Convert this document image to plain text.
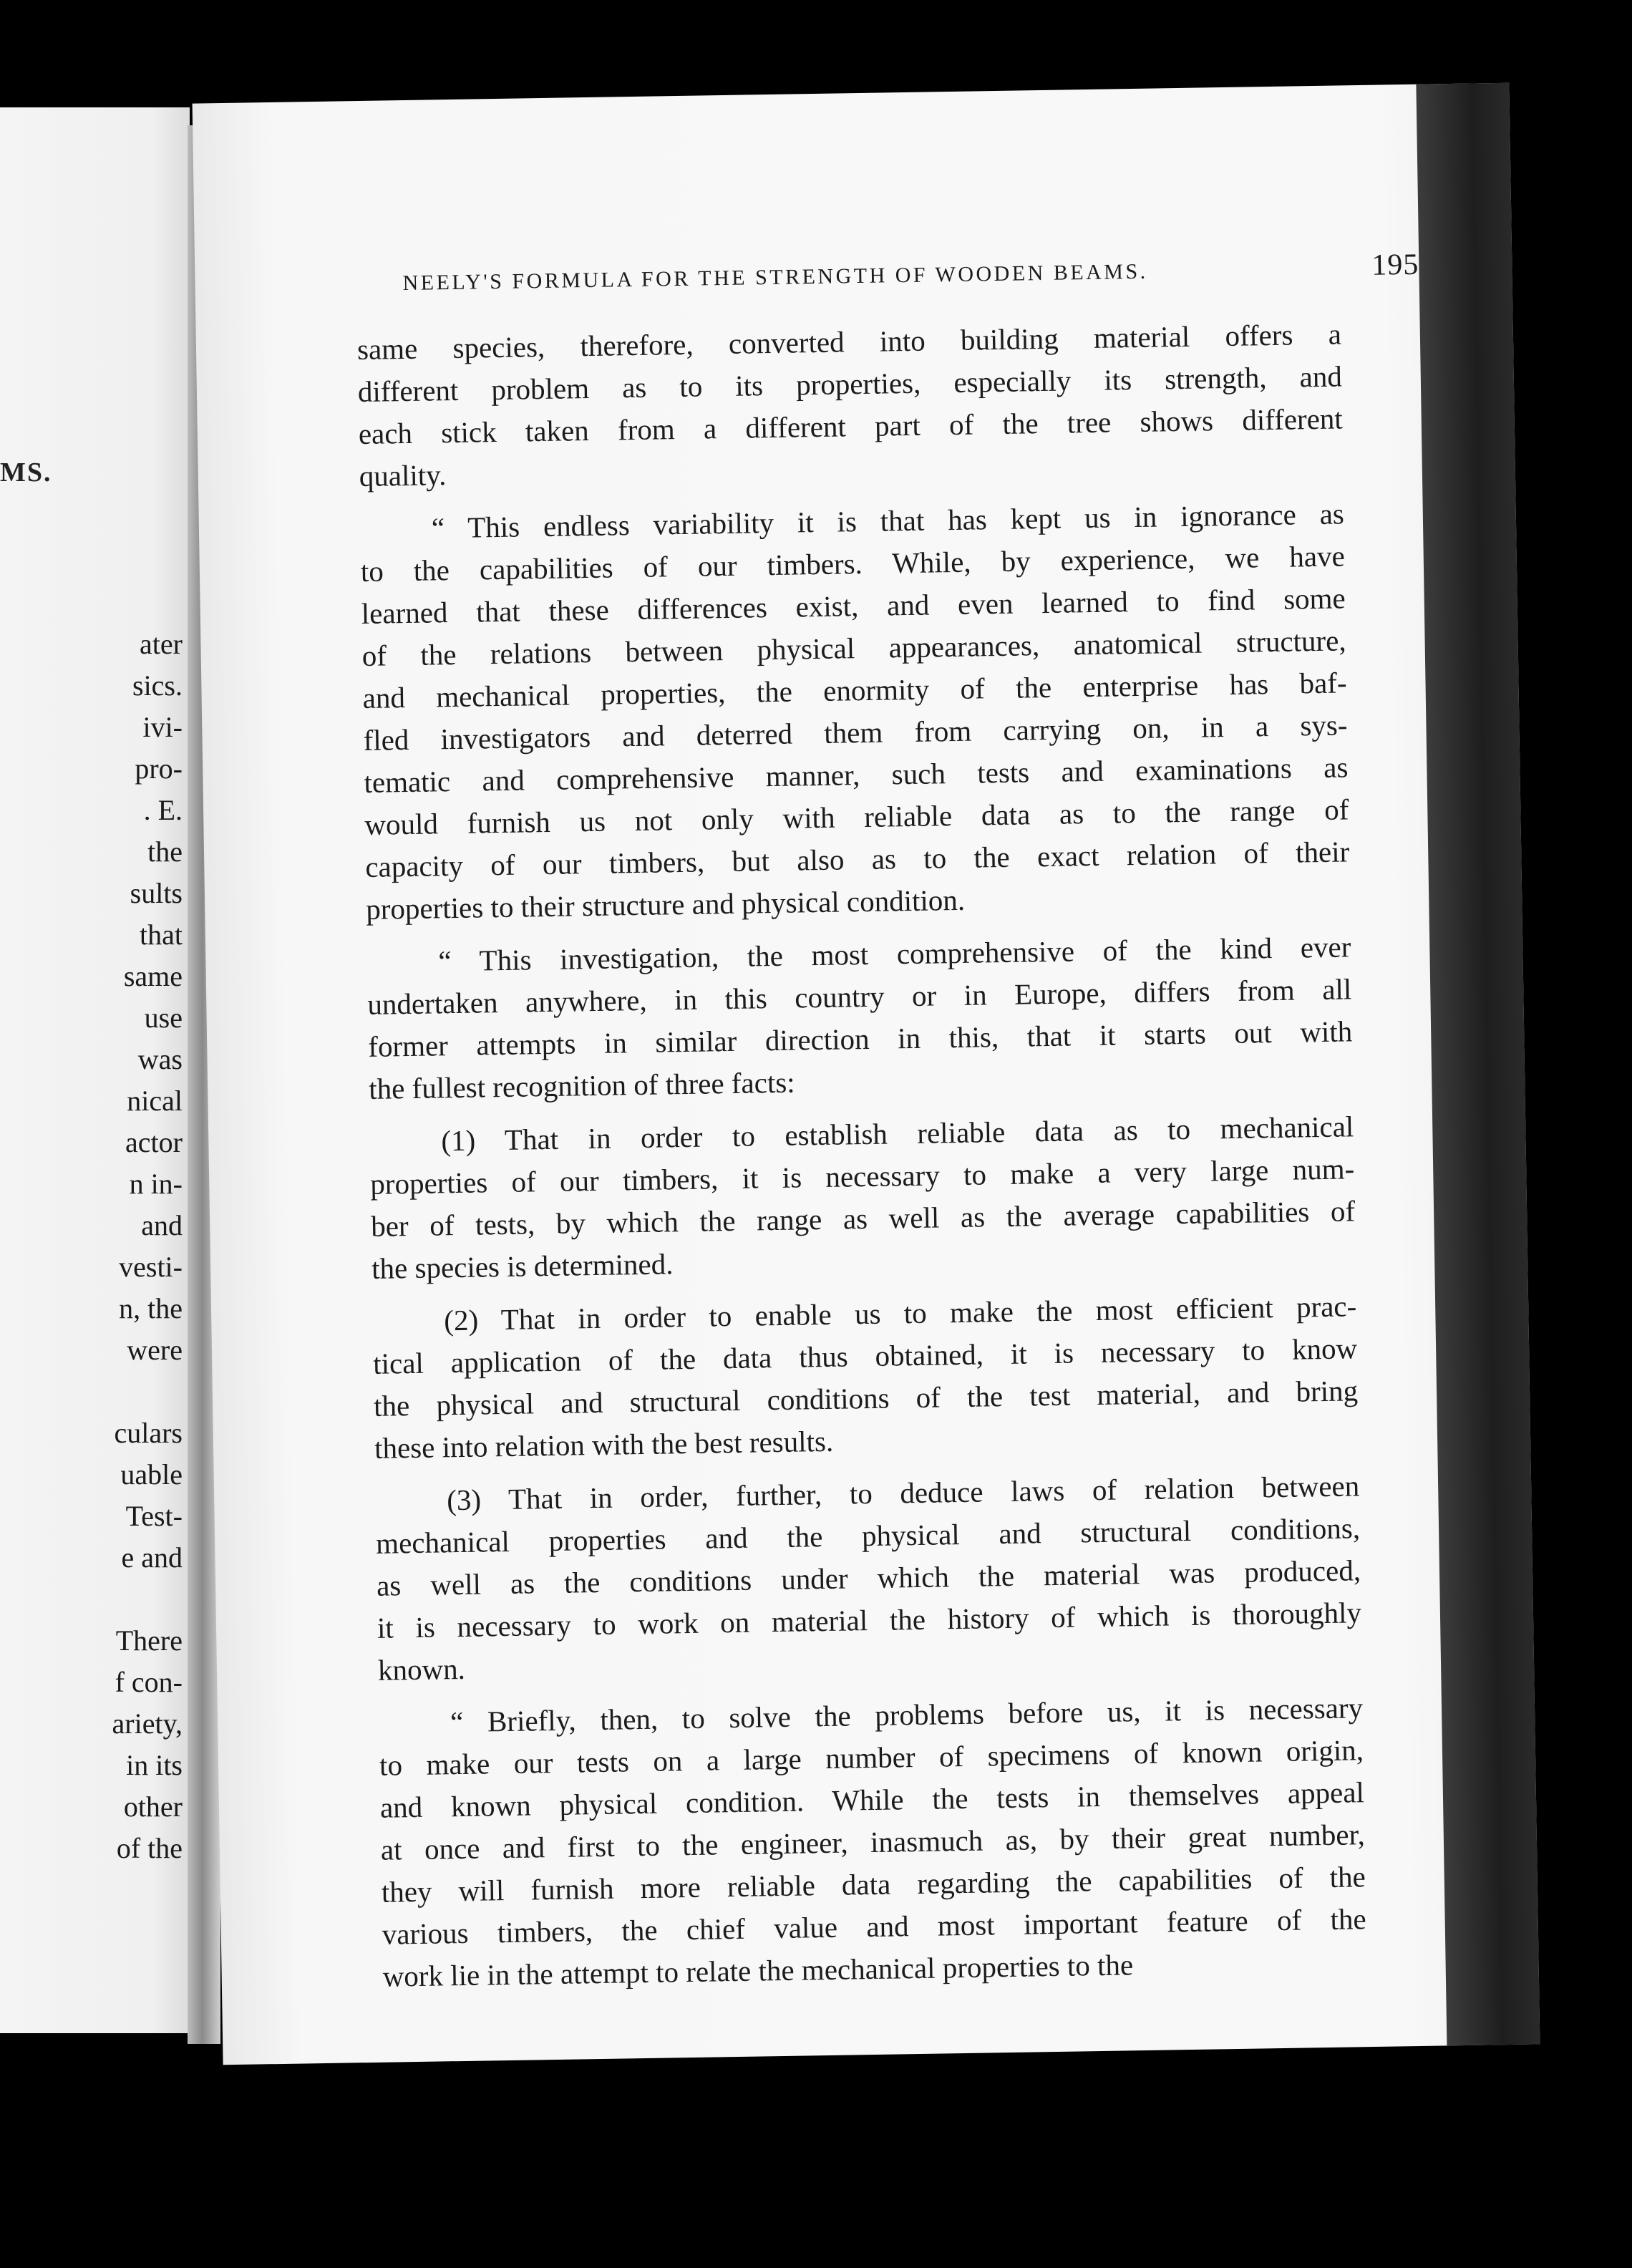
MS.
ater
sics.
ivi-
pro-
. E.
the
sults
that
same
use
was
nical
actor
n in-
and
vesti-
n, the
were
culars
uable
Test-
e and
There
f con-
ariety,
in its
other
of the
NEELY'S FORMULA FOR THE STRENGTH OF WOODEN BEAMS.	195
same species, therefore, converted into building material offers a
different problem as to its properties, especially its strength, and
each stick taken from a different part of the tree shows different
quality.
“ This endless variability it is that has kept us in ignorance as
to the capabilities of our timbers. While, by experience, we have
learned that these differences exist, and even learned to find some
of the relations between physical appearances, anatomical structure,
and mechanical properties, the enormity of the enterprise has baf-
fled investigators and deterred them from carrying on, in a sys-
tematic and comprehensive manner, such tests and examinations as
would furnish us not only with reliable data as to the range of
capacity of our timbers, but also as to the exact relation of their
properties to their structure and physical condition.
“ This investigation, the most comprehensive of the kind ever
undertaken anywhere, in this country or in Europe, differs from all
former attempts in similar direction in this, that it starts out with
the fullest recognition of three facts:
(1) That in order to establish reliable data as to mechanical
properties of our timbers, it is necessary to make a very large num-
ber of tests, by which the range as well as the average capabilities of
the species is determined.
(2) That in order to enable us to make the most efficient prac-
tical application of the data thus obtained, it is necessary to know
the physical and structural conditions of the test material, and bring
these into relation with the best results.
(3) That in order, further, to deduce laws of relation between
mechanical properties and the physical and structural conditions,
as well as the conditions under which the material was produced,
it is necessary to work on material the history of which is thoroughly
known.
“ Briefly, then, to solve the problems before us, it is necessary
to make our tests on a large number of specimens of known origin,
and known physical condition. While the tests in themselves appeal
at once and first to the engineer, inasmuch as, by their great number,
they will furnish more reliable data regarding the capabilities of the
various timbers, the chief value and most important feature of the
work lie in the attempt to relate the mechanical properties to the
